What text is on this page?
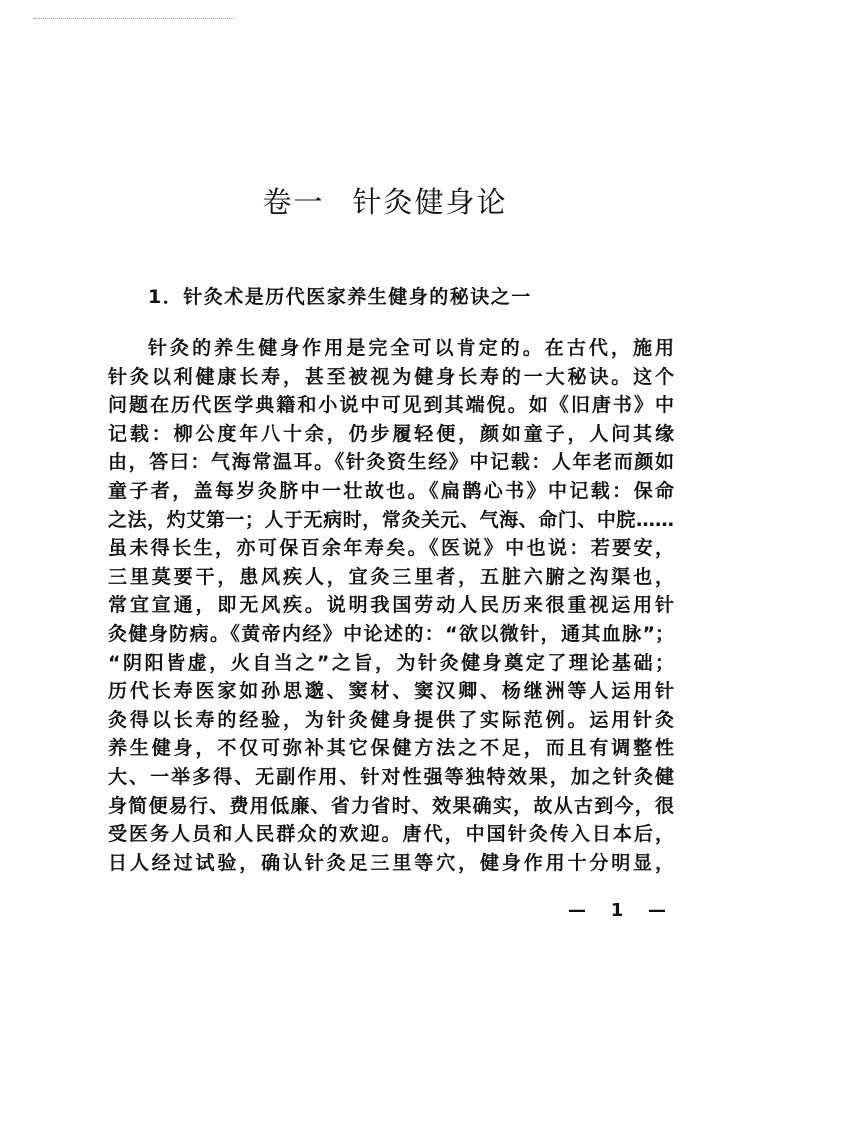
卷一 针灸健身论
1．针灸术是历代医家养生健身的秘诀之一
针灸的养生健身作用是完全可以肯定的。在古代，施用
针灸以利健康长寿，甚至被视为健身长寿的一大秘诀。这个
问题在历代医学典籍和小说中可见到其端倪。如《旧唐书》中
记载：柳公度年八十余，仍步履轻便，颜如童子，人问其缘
由，答曰：气海常温耳。《针灸资生经》中记载：人年老而颜如
童子者，盖每岁灸脐中一壮故也。《扁鹊心书》中记载：保命
之法，灼艾第一；人于无病时，常灸关元、气海、命门、中脘……
虽未得长生，亦可保百余年寿矣。《医说》中也说：若要安，
三里莫要干，患风疾人，宜灸三里者，五脏六腑之沟渠也，
常宜宣通，即无风疾。说明我国劳动人民历来很重视运用针
灸健身防病。《黄帝内经》中论述的：“欲以微针，通其血脉”；
“阴阳皆虚，火自当之”之旨，为针灸健身奠定了理论基础；
历代长寿医家如孙思邈、窦材、窦汉卿、杨继洲等人运用针
灸得以长寿的经验，为针灸健身提供了实际范例。运用针灸
养生健身，不仅可弥补其它保健方法之不足，而且有调整性
大、一举多得、无副作用、针对性强等独特效果，加之针灸健
身简便易行、费用低廉、省力省时、效果确实，故从古到今，很
受医务人员和人民群众的欢迎。唐代，中国针灸传入日本后，
日人经过试验，确认针灸足三里等穴，健身作用十分明显，
— 1 —
